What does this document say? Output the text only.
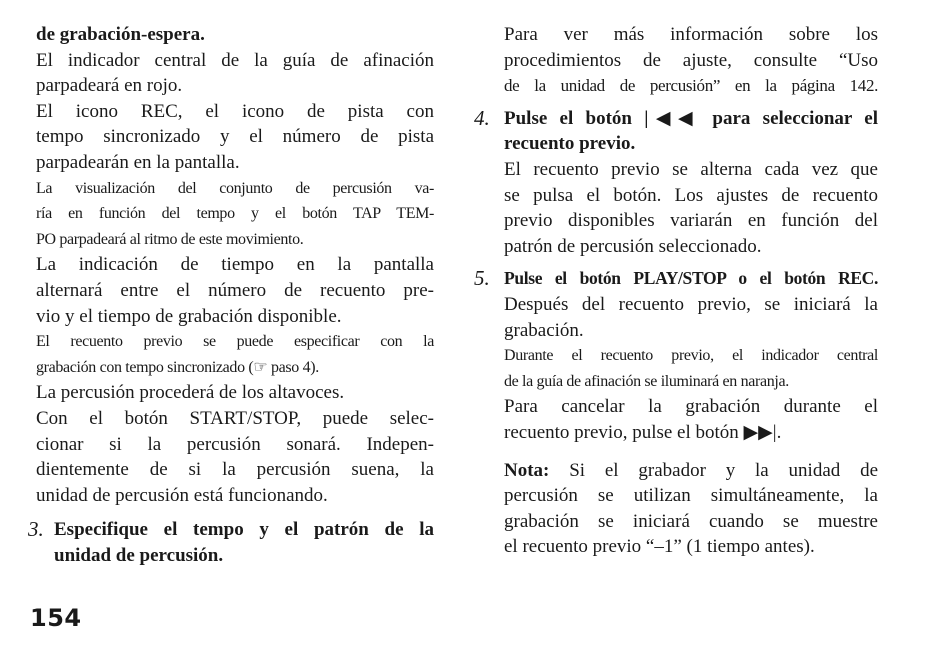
de grabación-espera.
El indicador central de la guía de afinación
parpadeará en rojo.
El icono REC, el icono de pista con
tempo sincronizado y el número de pista
parpadearán en la pantalla.
La visualización del conjunto de percusión va-
ría en función del tempo y el botón TAP TEM-
PO parpadeará al ritmo de este movimiento.
La indicación de tiempo en la pantalla
alternará entre el número de recuento pre-
vio y el tiempo de grabación disponible.
El recuento previo se puede especificar con la
grabación con tempo sincronizado (☞ paso 4).
La percusión procederá de los altavoces.
Con el botón START/STOP, puede selec-
cionar si la percusión sonará. Indepen-
dientemente de si la percusión suena, la
unidad de percusión está funcionando.
3. Especifique el tempo y el patrón de la
unidad de percusión.
Para ver más información sobre los
procedimientos de ajuste, consulte “Uso
de la unidad de percusión” en la página 142.
4. Pulse el botón |◀◀ para seleccionar el
recuento previo.
El recuento previo se alterna cada vez que
se pulsa el botón. Los ajustes de recuento
previo disponibles variarán en función del
patrón de percusión seleccionado.
5. Pulse el botón PLAY/STOP o el botón REC.
Después del recuento previo, se iniciará la
grabación.
Durante el recuento previo, el indicador central
de la guía de afinación se iluminará en naranja.
Para cancelar la grabación durante el
recuento previo, pulse el botón ▶▶|.
Nota: Si el grabador y la unidad de
percusión se utilizan simultáneamente, la
grabación se iniciará cuando se muestre
el recuento previo “–1” (1 tiempo antes).
154
